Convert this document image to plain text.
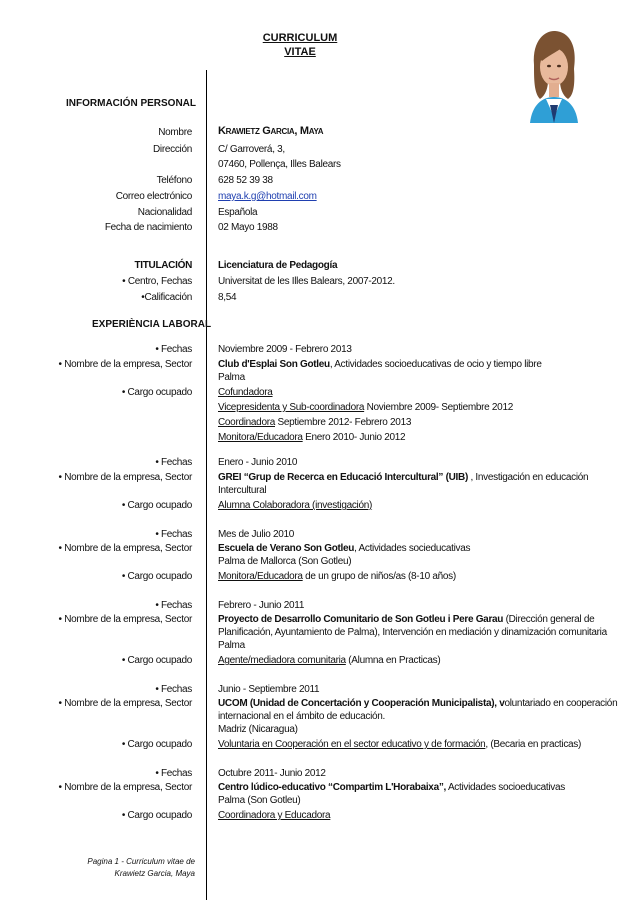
CURRICULUM
VITAE
INFORMACIÓN PERSONAL
Nombre Krawietz Garcia, Maya
Dirección	C/ Garroverá, 3,
07460, Pollença, Illes Balears
Teléfono	628 52 39 38
Correo electrónico	maya.k.g@hotmail.com
Nacionalidad	Española
Fecha de nacimiento	02 Mayo 1988
TITULACIÓN	Licenciatura de Pedagogía
• Centro, Fechas	Universitat de les Illes Balears, 2007-2012.
•Calificación	8,54
EXPERIÈNCIA LABORAL
• Fechas	Noviembre 2009 - Febrero 2013
• Nombre de la empresa, Sector	Club d'Esplai Son Gotleu, Actividades socioeducativas de ocio y tiempo libre
Palma
• Cargo ocupado	Cofundadora
Vicepresidenta y Sub-coordinadora Noviembre 2009- Septiembre 2012
Coordinadora Septiembre 2012- Febrero 2013
Monitora/Educadora Enero 2010- Junio 2012
• Fechas	Enero - Junio 2010
• Nombre de la empresa, Sector	GREI “Grup de Recerca en Educació Intercultural” (UIB) , Investigación en educación
Intercultural
• Cargo ocupado	Alumna Colaboradora (investigación)
• Fechas	Mes de Julio 2010
• Nombre de la empresa, Sector	Escuela de Verano Son Gotleu, Actividades socieducativas
Palma de Mallorca (Son Gotleu)
• Cargo ocupado	Monitora/Educadora de un grupo de niños/as (8-10 años)
• Fechas	Febrero - Junio 2011
• Nombre de la empresa, Sector	Proyecto de Desarrollo Comunitario de Son Gotleu i Pere Garau (Dirección general de
Planificación, Ayuntamiento de Palma), Intervención en mediación y dinamización comunitaria
Palma
• Cargo ocupado	Agente/mediadora comunitaria (Alumna en Practicas)
• Fechas	Junio - Septiembre 2011
• Nombre de la empresa, Sector	UCOM (Unidad de Concertación y Cooperación Municipalista), voluntariado en cooperación
internacional en el ámbito de educación.
Madriz (Nicaragua)
• Cargo ocupado	Voluntaria en Cooperación en el sector educativo y de formación, (Becaria en practicas)
• Fechas	Octubre 2011- Junio 2012
• Nombre de la empresa, Sector	Centro lúdico-educativo “Compartim L'Horabaixa”, Actividades socioeducativas
Palma (Son Gotleu)
• Cargo ocupado	Coordinadora y Educadora
Pagina 1 - Curriculum vitae de
Krawietz Garcia, Maya
